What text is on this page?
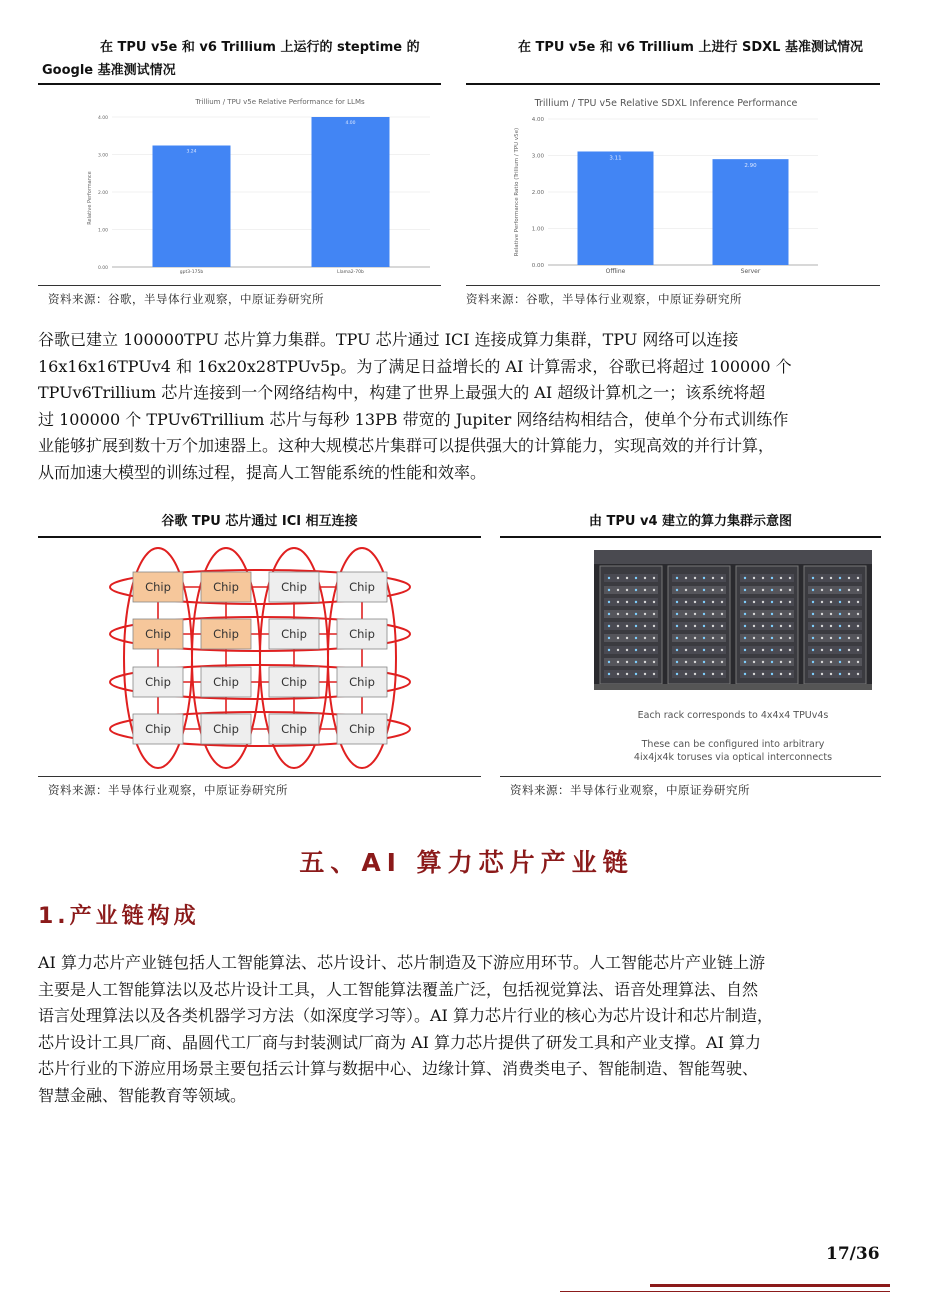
在 TPU v5e 和 v6 Trillium 上运行的 steptime 的 Google 基准测试情况
在 TPU v5e 和 v6 Trillium 上进行 SDXL 基准测试情况
Trillium / TPU v5e Relative Performance for LLMs
Relative Performance
0.00
1.00
2.00
3.00
4.00
3.24
4.00
gpt3-175b	Llama2-70b
Trillium / TPU v5e Relative SDXL Inference Performance
Relative Performance Ratio (Trillium / TPU v5e)
0.00
1.00
2.00
3.00
4.00
3.11
2.90
Offline	Server
资料来源：谷歌，半导体行业观察，中原证券研究所	资料来源：谷歌，半导体行业观察，中原证券研究所
谷歌已建立 100000TPU 芯片算力集群。TPU 芯片通过 ICI 连接成算力集群，TPU 网络可以连接
16x16x16TPUv4 和 16x20x28TPUv5p。为了满足日益增长的 AI 计算需求，谷歌已将超过 100000 个
TPUv6Trillium 芯片连接到一个网络结构中，构建了世界上最强大的 AI 超级计算机之一；该系统将超
过 100000 个 TPUv6Trillium 芯片与每秒 13PB 带宽的 Jupiter 网络结构相结合，使单个分布式训练作
业能够扩展到数十万个加速器上。这种大规模芯片集群可以提供强大的计算能力，实现高效的并行计算，
从而加速大模型的训练过程，提高人工智能系统的性能和效率。
谷歌 TPU 芯片通过 ICI 相互连接	由 TPU v4 建立的算力集群示意图
Chip	Chip	Chip	Chip
Chip	Chip	Chip	Chip
Chip	Chip	Chip	Chip
Chip	Chip	Chip	Chip
Each rack corresponds to 4x4x4 TPUv4s
These can be configured into arbitrary
4ix4jx4k toruses via optical interconnects
资料来源：半导体行业观察，中原证券研究所	资料来源：半导体行业观察，中原证券研究所
五、AI 算力芯片产业链
1.产业链构成
AI 算力芯片产业链包括人工智能算法、芯片设计、芯片制造及下游应用环节。人工智能芯片产业链上游
主要是人工智能算法以及芯片设计工具，人工智能算法覆盖广泛，包括视觉算法、语音处理算法、自然
语言处理算法以及各类机器学习方法（如深度学习等）。AI 算力芯片行业的核心为芯片设计和芯片制造，
芯片设计工具厂商、晶圆代工厂商与封装测试厂商为 AI 算力芯片提供了研发工具和产业支撑。AI 算力
芯片行业的下游应用场景主要包括云计算与数据中心、边缘计算、消费类电子、智能制造、智能驾驶、
智慧金融、智能教育等领域。
17/36
